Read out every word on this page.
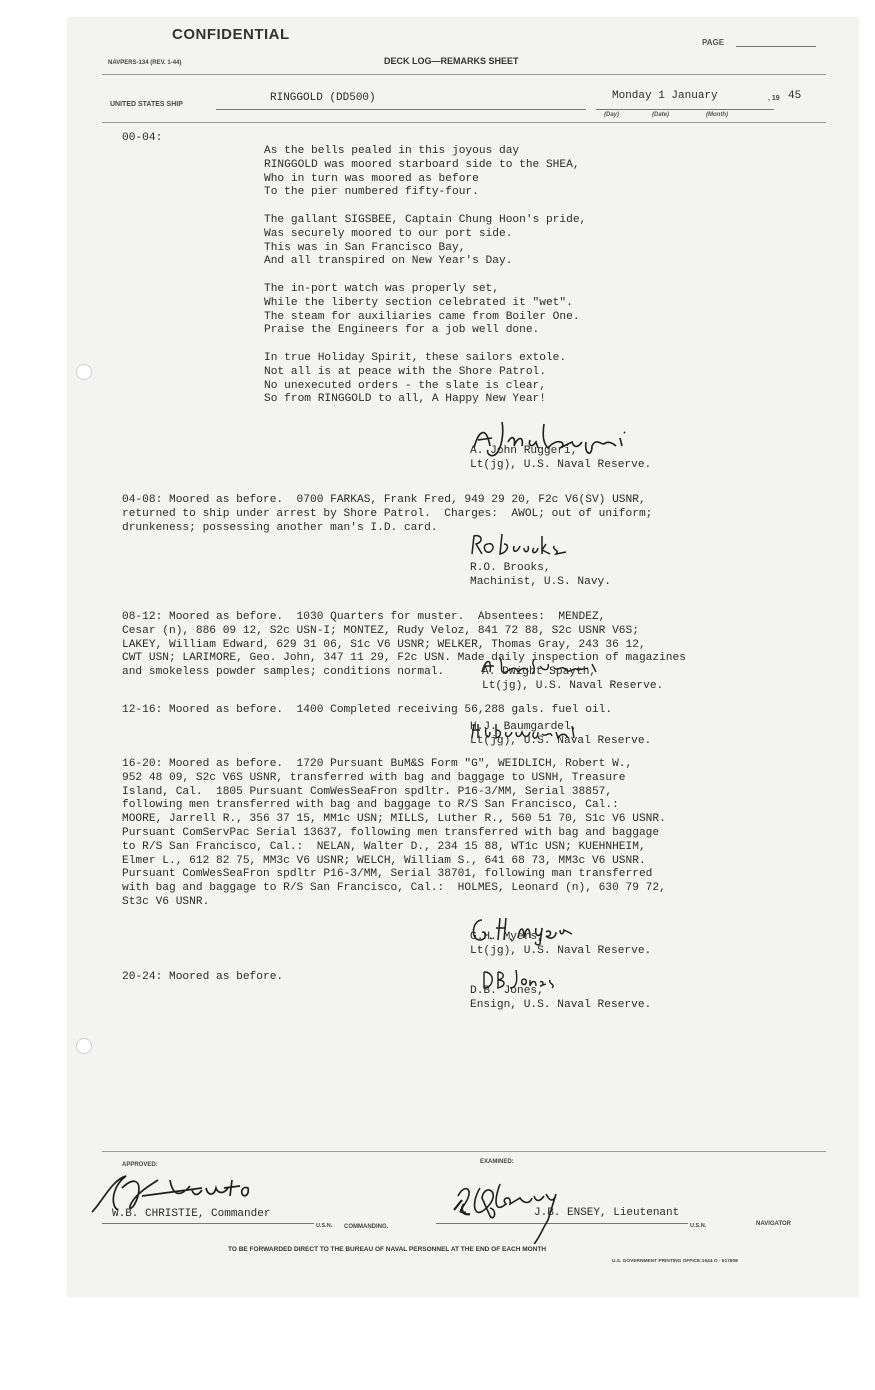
CONFIDENTIAL	PAGE
NAVPERS-134 (REV. 1-44)	DECK LOG—REMARKS SHEET
UNITED STATES SHIP
RINGGOLD (DD500)	Monday 1 January	, 19 45
(Day)	(Date)	(Month)
00-04:
As the bells pealed in this joyous day
RINGGOLD was moored starboard side to the SHEA,
Who in turn was moored as before
To the pier numbered fifty-four.

The gallant SIGSBEE, Captain Chung Hoon's pride,
Was securely moored to our port side.
This was in San Francisco Bay,
And all transpired on New Year's Day.

The in-port watch was properly set,
While the liberty section celebrated it "wet".
The steam for auxiliaries came from Boiler One.
Praise the Engineers for a job well done.

In true Holiday Spirit, these sailors extole.
Not all is at peace with the Shore Patrol.
No unexecuted orders - the slate is clear,
So from RINGGOLD to all, A Happy New Year!
A. John Ruggeri,
Lt(jg), U.S. Naval Reserve.
04-08: Moored as before.  0700 FARKAS, Frank Fred, 949 29 20, F2c V6(SV) USNR,
returned to ship under arrest by Shore Patrol.  Charges:  AWOL; out of uniform;
drunkeness; possessing another man's I.D. card.
R.O. Brooks,
Machinist, U.S. Navy.
08-12: Moored as before.  1030 Quarters for muster.  Absentees:  MENDEZ,
Cesar (n), 886 09 12, S2c USN-I; MONTEZ, Rudy Veloz, 841 72 88, S2c USNR V6S;
LAKEY, William Edward, 629 31 06, S1c V6 USNR; WELKER, Thomas Gray, 243 36 12,
CWT USN; LARIMORE, Geo. John, 347 11 29, F2c USN. Made daily inspection of magazines
and smokeless powder samples; conditions normal.	A. Dwight Spayth,
Lt(jg), U.S. Naval Reserve.
12-16: Moored as before.  1400 Completed receiving 56,288 gals. fuel oil.
H.J. Baumgardel,
Lt(jg), U.S. Naval Reserve.
16-20: Moored as before.  1720 Pursuant BuM&S Form "G", WEIDLICH, Robert W.,
952 48 09, S2c V6S USNR, transferred with bag and baggage to USNH, Treasure
Island, Cal.  1805 Pursuant ComWesSeaFron spdltr. P16-3/MM, Serial 38857,
following men transferred with bag and baggage to R/S San Francisco, Cal.:
MOORE, Jarrell R., 356 37 15, MM1c USN; MILLS, Luther R., 560 51 70, S1c V6 USNR.
Pursuant ComServPac Serial 13637, following men transferred with bag and baggage
to R/S San Francisco, Cal.:  NELAN, Walter D., 234 15 88, WT1c USN; KUEHNHEIM,
Elmer L., 612 82 75, MM3c V6 USNR; WELCH, William S., 641 68 73, MM3c V6 USNR.
Pursuant ComWesSeaFron spdltr P16-3/MM, Serial 38701, following man transferred
with bag and baggage to R/S San Francisco, Cal.:  HOLMES, Leonard (n), 630 79 72,
St3c V6 USNR.
G.H. Myers,
Lt(jg), U.S. Naval Reserve.
20-24: Moored as before.
D.B. Jones,
Ensign, U.S. Naval Reserve.
APPROVED:	EXAMINED:
W.B. CHRISTIE, Commander
U.S.N. COMMANDING.	U.S.N.	NAVIGATOR
J.B. ENSEY, Lieutenant
TO BE FORWARDED DIRECT TO THE BUREAU OF NAVAL PERSONNEL AT THE END OF EACH MONTH
U.S. GOVERNMENT PRINTING OFFICE:1944 O - 617808
